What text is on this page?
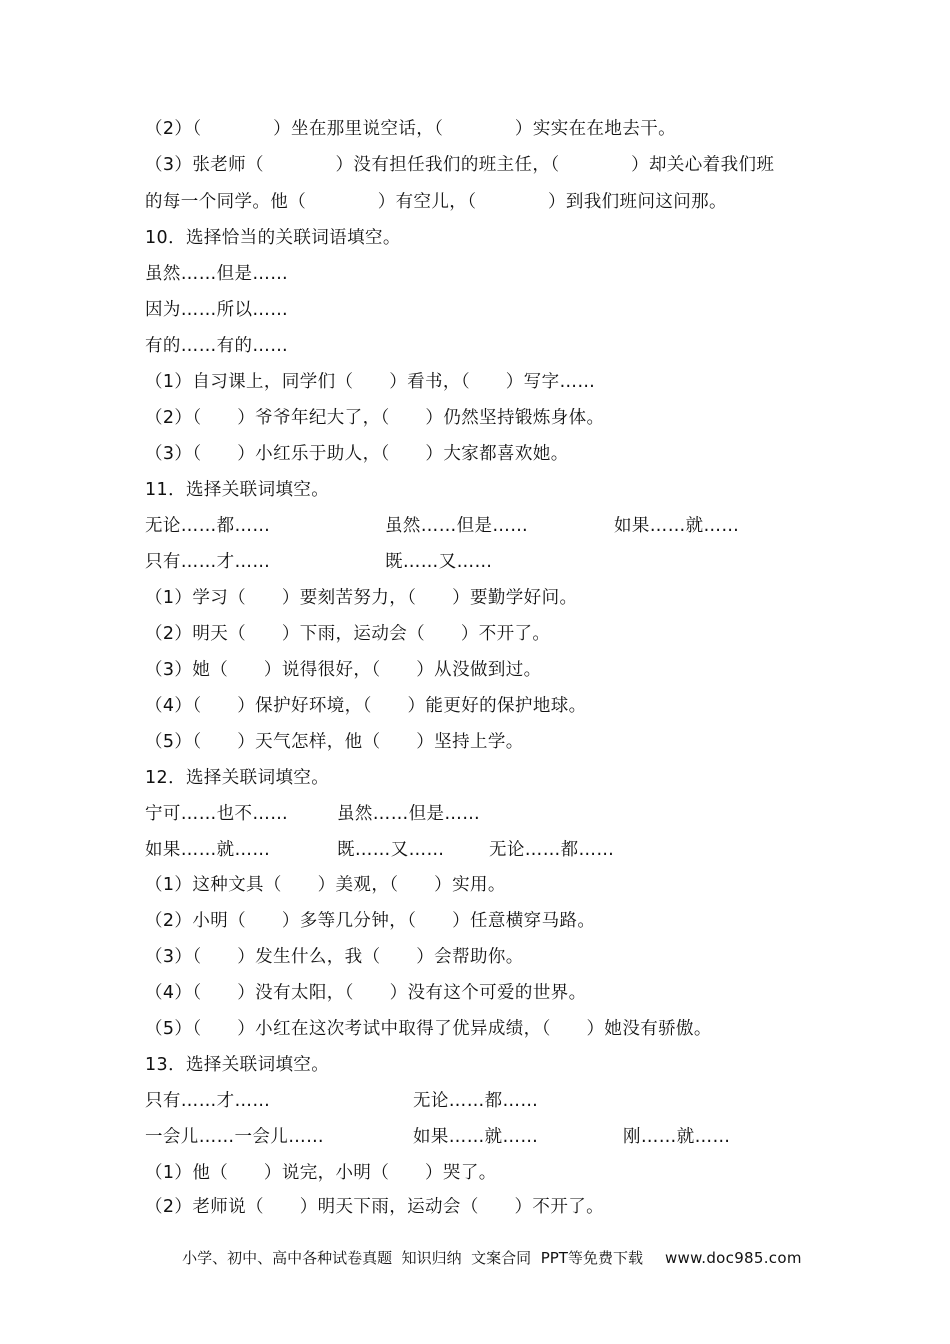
（2）（　　　　）坐在那里说空话，（　　　　）实实在在地去干。
（3）张老师（　　　　）没有担任我们的班主任，（　　　　）却关心着我们班
的每一个同学。他（　　　　）有空儿，（　　　　）到我们班问这问那。
10．选择恰当的关联词语填空。
虽然……但是……
因为……所以……
有的……有的……
（1）自习课上，同学们（　　）看书，（　　）写字……
（2）（　　）爷爷年纪大了，（　　）仍然坚持锻炼身体。
（3）（　　）小红乐于助人，（　　）大家都喜欢她。
11．选择关联词填空。
无论……都……	虽然……但是……	如果……就……
只有……才……	既……又……
（1）学习（　　）要刻苦努力，（　　）要勤学好问。
（2）明天（　　）下雨，运动会（　　）不开了。
（3）她（　　）说得很好，（　　）从没做到过。
（4）（　　）保护好环境，（　　）能更好的保护地球。
（5）（　　）天气怎样，他（　　）坚持上学。
12．选择关联词填空。
宁可……也不……	虽然……但是……
如果……就……	既……又……	无论……都……
（1）这种文具（　　）美观，（　　）实用。
（2）小明（　　）多等几分钟，（　　）任意横穿马路。
（3）（　　）发生什么，我（　　）会帮助你。
（4）（　　）没有太阳，（　　）没有这个可爱的世界。
（5）（　　）小红在这次考试中取得了优异成绩，（　　）她没有骄傲。
13．选择关联词填空。
只有……才……	无论……都……
一会儿……一会儿……	如果……就……	刚……就……
（1）他（　　）说完，小明（　　）哭了。
（2）老师说（　　）明天下雨，运动会（　　）不开了。

小学、初中、高中各种试卷真题  知识归纳  文案合同  PPT等免费下载 www.doc985.com
